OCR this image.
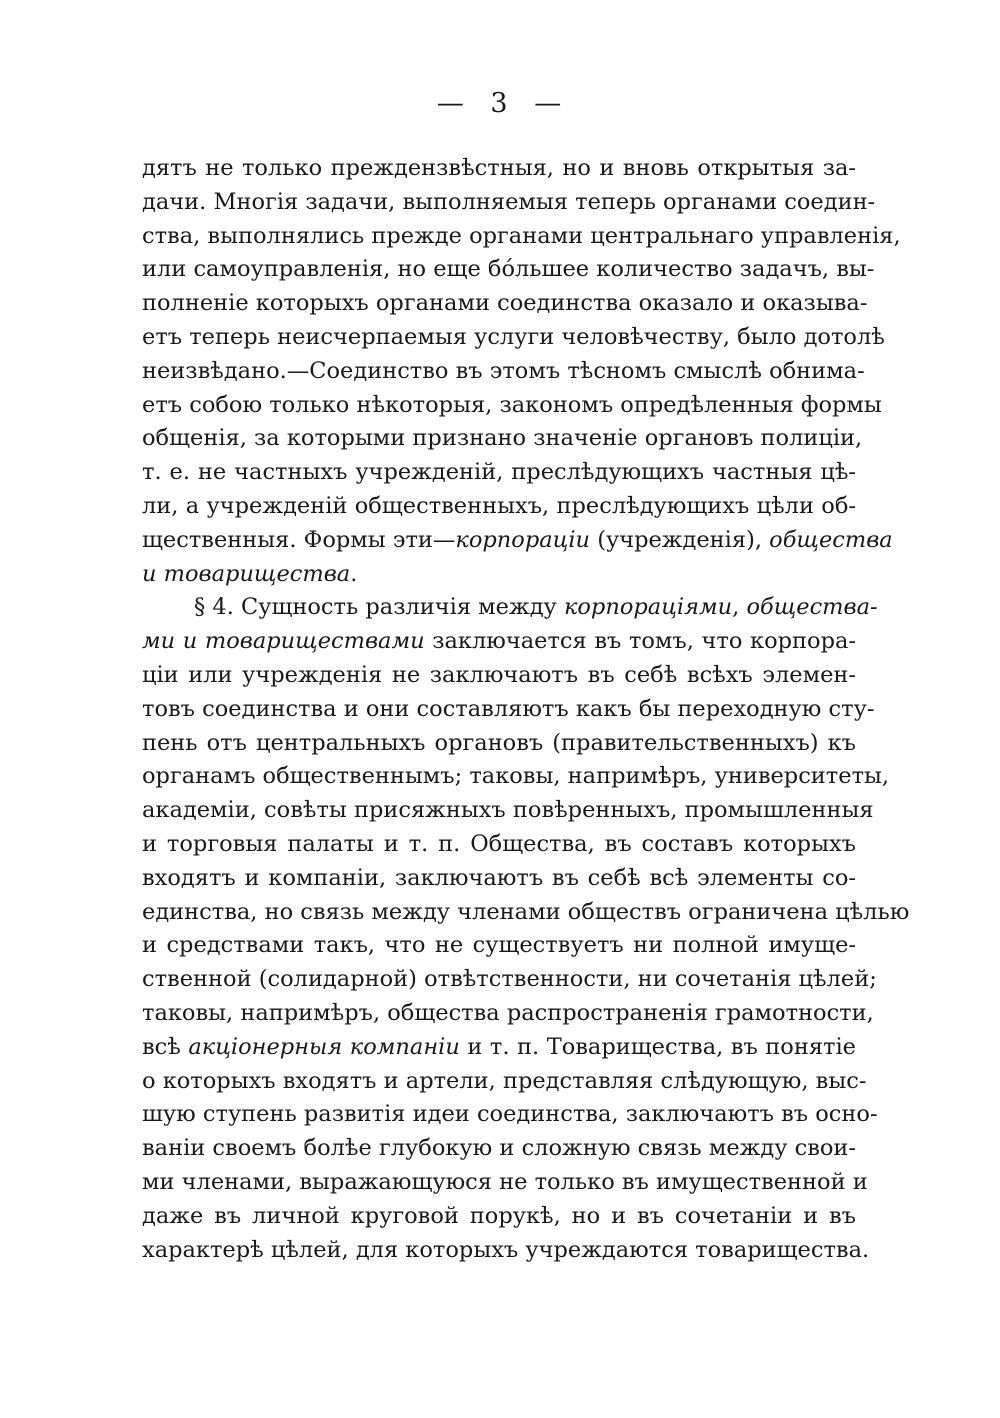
— 3 —
дятъ не только преждензвѣстныя, но и вновь открытыя за-
дачи. Многія задачи, выполняемыя теперь органами соедин-
ства, выполнялись прежде органами центральнаго управленія,
или самоуправленія, но еще бóльшее количество задачъ, вы-
полненіе которыхъ органами соединства оказало и оказыва-
етъ теперь неисчерпаемыя услуги человѣчеству, было дотолѣ
неизвѣдано.—Соединство въ этомъ тѣсномъ смыслѣ обнима-
етъ собою только нѣкоторыя, закономъ опредѣленныя формы
общенія, за которыми признано значеніе органовъ полиціи,
т. е. не частныхъ учрежденій, преслѣдующихъ частныя цѣ-
ли, а учрежденій общественныхъ, преслѣдующихъ цѣли об-
щественныя. Формы эти—корпораціи (учрежденія), общества
и товарищества.
§ 4. Сущность различія между корпораціями, общества-
ми и товариществами заключается въ томъ, что корпора-
ціи или учрежденія не заключаютъ въ себѣ всѣхъ элемен-
товъ соединства и они составляютъ какъ бы переходную сту-
пень отъ центральныхъ органовъ (правительственныхъ) къ
органамъ общественнымъ; таковы, напримѣръ, университеты,
академіи, совѣты присяжныхъ повѣренныхъ, промышленныя
и торговыя палаты и т. п. Общества, въ составъ которыхъ
входятъ и компаніи, заключаютъ въ себѣ всѣ элементы со-
единства, но связь между членами обществъ ограничена цѣлью
и средствами такъ, что не существуетъ ни полной имуще-
ственной (солидарной) отвѣтственности, ни сочетанія цѣлей;
таковы, напримѣръ, общества распространенія грамотности,
всѣ акціонерныя компаніи и т. п. Товарищества, въ понятіе
о которыхъ входятъ и артели, представляя слѣдующую, выс-
шую ступень развитія идеи соединства, заключаютъ въ осно-
ваніи своемъ болѣе глубокую и сложную связь между свои-
ми членами, выражающуюся не только въ имущественной и
даже въ личной круговой порукѣ, но и въ сочетаніи и въ
характерѣ цѣлей, для которыхъ учреждаются товарищества.
